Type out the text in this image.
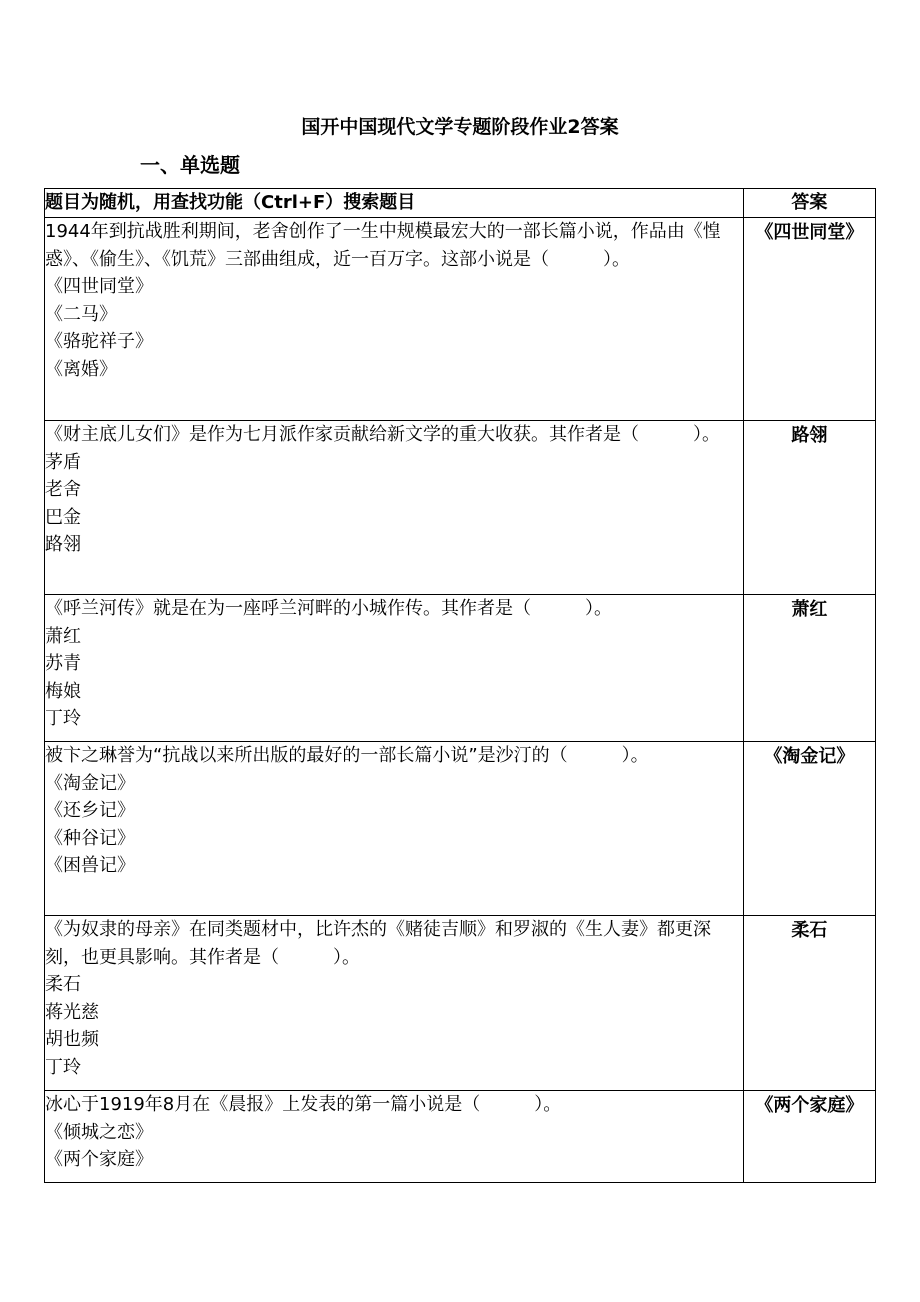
国开中国现代文学专题阶段作业2答案
一、单选题
题目为随机，用查找功能（Ctrl+F）搜索题目	答案

1944年到抗战胜利期间，老舍创作了一生中规模最宏大的一部长篇小说，作品由《惶惑》、《偷生》、《饥荒》三部曲组成，近一百万字。这部小说是（　　　）。
《四世同堂》
《二马》
《骆驼祥子》
《离婚》	《四世同堂》

《财主底儿女们》是作为七月派作家贡献给新文学的重大收获。其作者是（　　　）。
茅盾
老舍
巴金
路翎	路翎

《呼兰河传》就是在为一座呼兰河畔的小城作传。其作者是（　　　）。
萧红
苏青
梅娘
丁玲	萧红

被卞之琳誉为“抗战以来所出版的最好的一部长篇小说”是沙汀的（　　　）。
《淘金记》
《还乡记》
《种谷记》
《困兽记》	《淘金记》

《为奴隶的母亲》在同类题材中，比许杰的《赌徒吉顺》和罗淑的《生人妻》都更深刻，也更具影响。其作者是（　　　）。
柔石
蒋光慈
胡也频
丁玲	柔石

冰心于1919年8月在《晨报》上发表的第一篇小说是（　　　）。
《倾城之恋》
《两个家庭》	《两个家庭》
